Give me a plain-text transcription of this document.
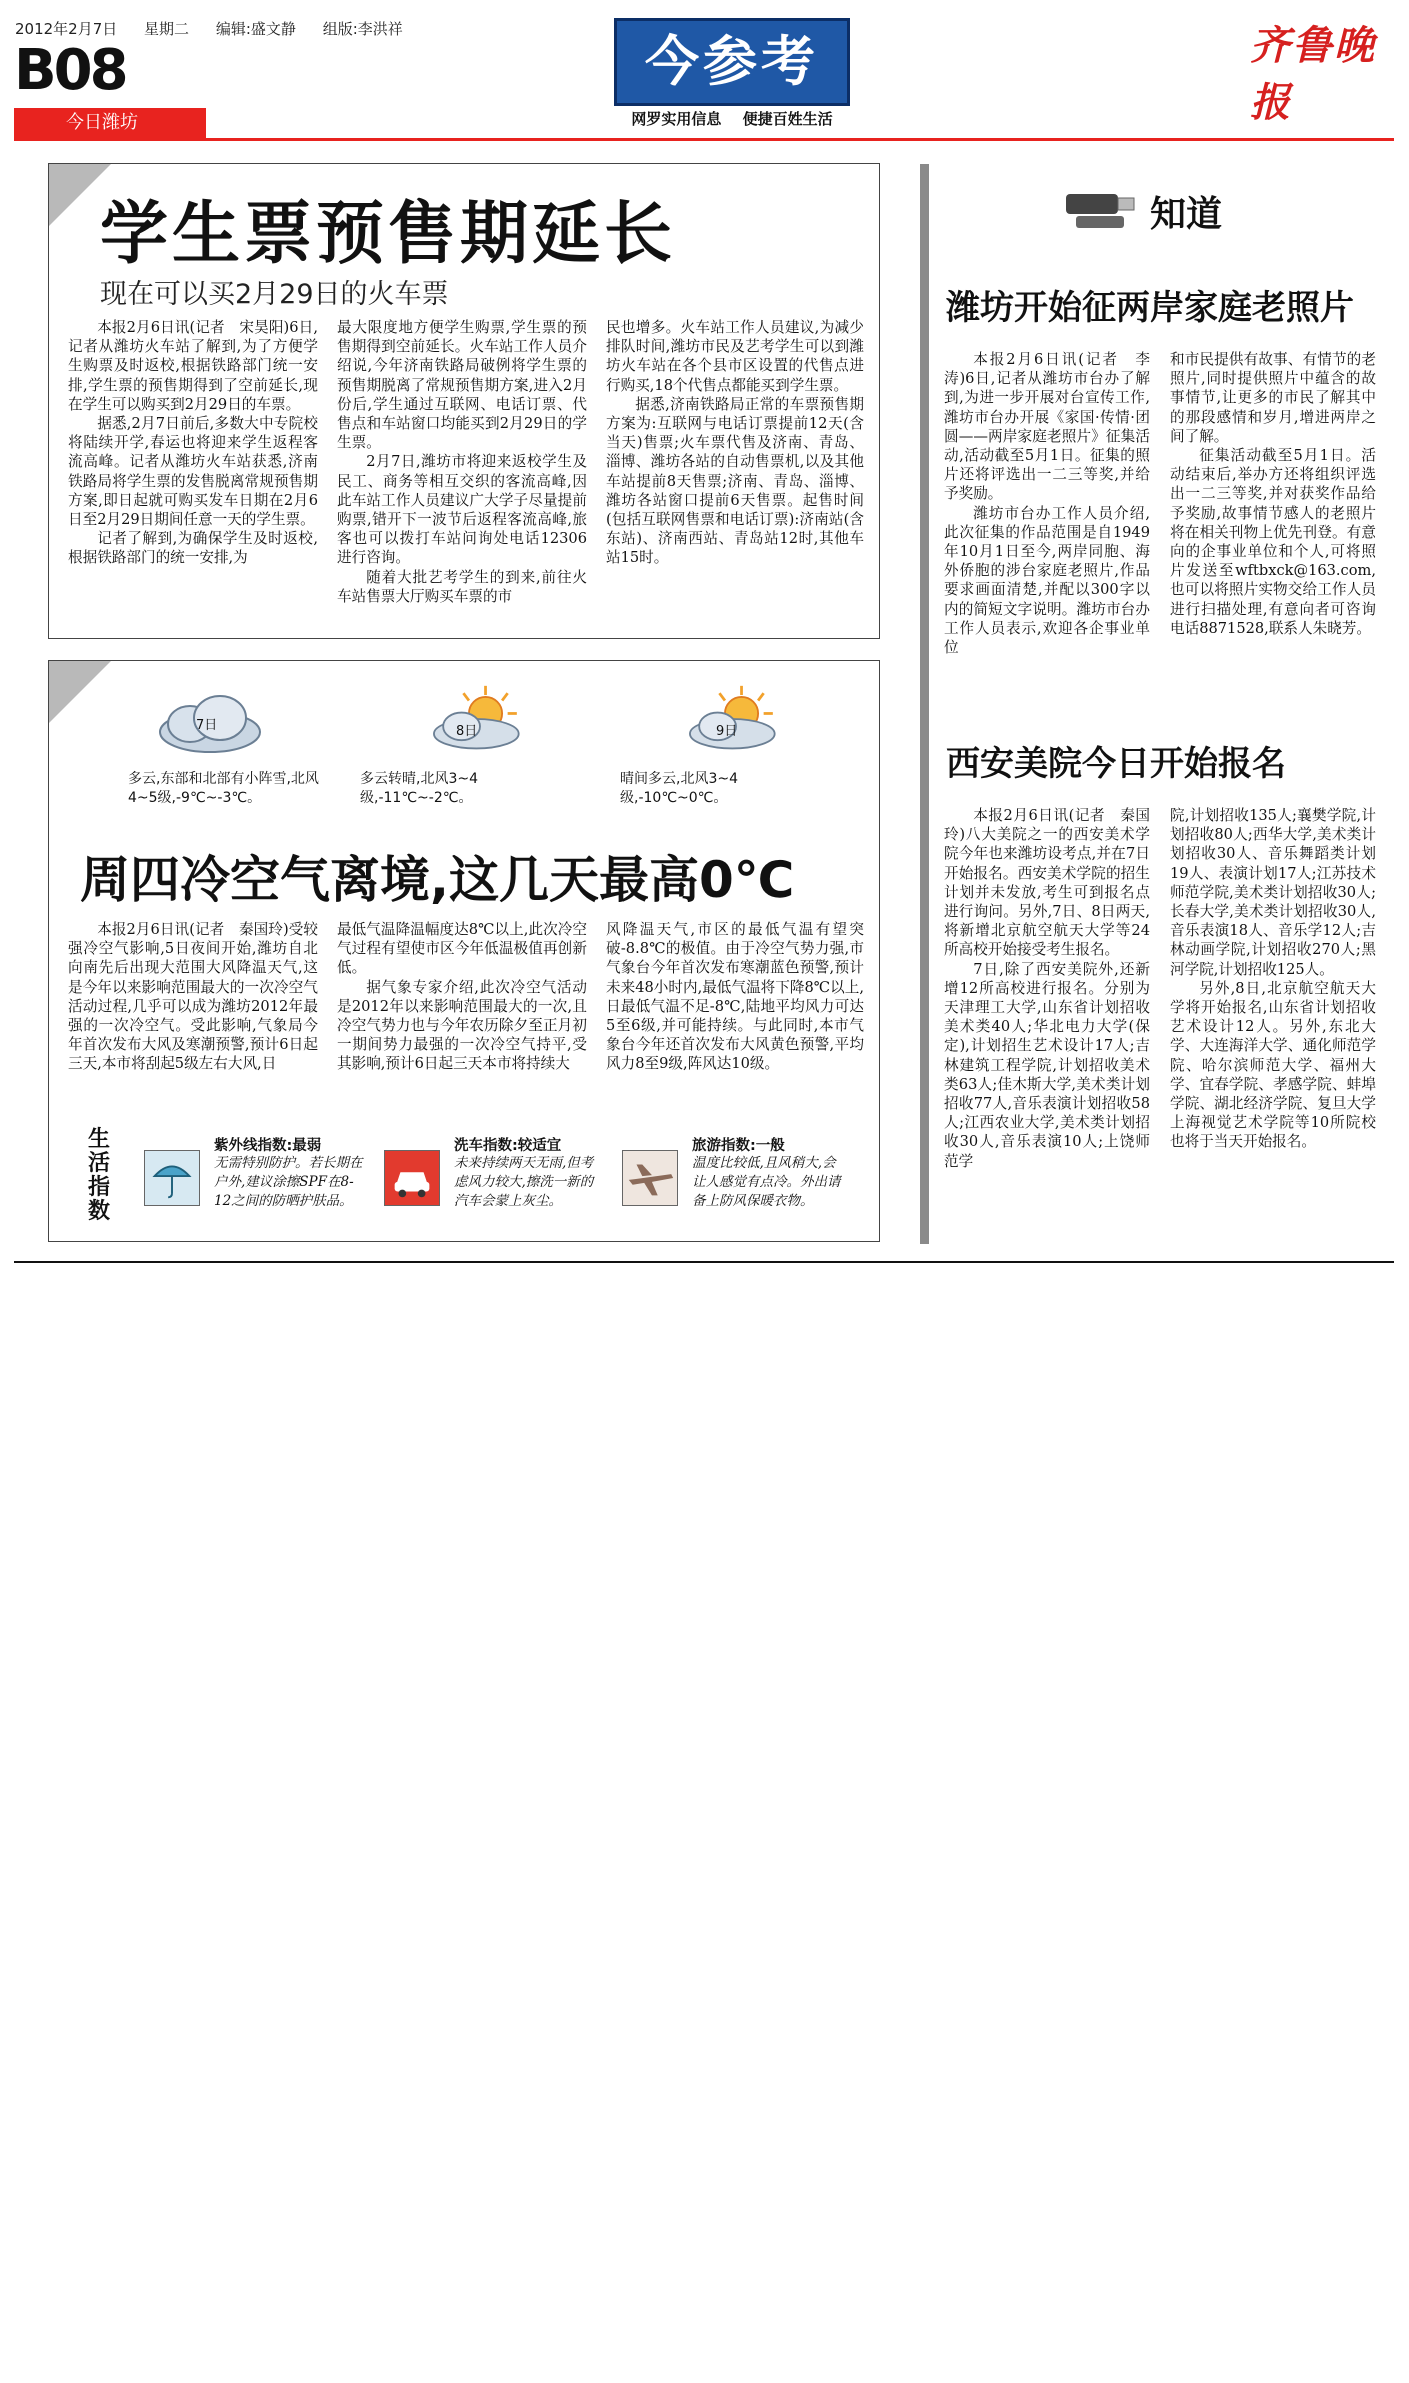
2012年2月7日 星期二 编辑:盛文静 组版:李洪祥
B08
今日潍坊
今参考
网罗实用信息 便捷百姓生活
齐鲁晚报
学生票预售期延长
现在可以买2月29日的火车票

本报2月6日讯(记者　宋昊阳)6日,记者从潍坊火车站了解到,为了方便学生购票及时返校,根据铁路部门统一安排,学生票的预售期得到了空前延长,现在学生可以购买到2月29日的车票。

据悉,2月7日前后,多数大中专院校将陆续开学,春运也将迎来学生返程客流高峰。记者从潍坊火车站获悉,济南铁路局将学生票的发售脱离常规预售期方案,即日起就可购买发车日期在2月6日至2月29日期间任意一天的学生票。

记者了解到,为确保学生及时返校,根据铁路部门的统一安排,为

最大限度地方便学生购票,学生票的预售期得到空前延长。火车站工作人员介绍说,今年济南铁路局破例将学生票的预售期脱离了常规预售期方案,进入2月份后,学生通过互联网、电话订票、代售点和车站窗口均能买到2月29日的学生票。

2月7日,潍坊市将迎来返校学生及民工、商务等相互交织的客流高峰,因此车站工作人员建议广大学子尽量提前购票,错开下一波节后返程客流高峰,旅客也可以拨打车站问询处电话12306进行咨询。

随着大批艺考学生的到来,前往火车站售票大厅购买车票的市

民也增多。火车站工作人员建议,为减少排队时间,潍坊市民及艺考学生可以到潍坊火车站在各个县市区设置的代售点进行购买,18个代售点都能买到学生票。

据悉,济南铁路局正常的车票预售期方案为:互联网与电话订票提前12天(含当天)售票;火车票代售及济南、青岛、淄博、潍坊各站的自动售票机,以及其他车站提前8天售票;济南、青岛、淄博、潍坊各站窗口提前6天售票。起售时间(包括互联网售票和电话订票):济南站(含东站)、济南西站、青岛站12时,其他车站15时。

7日
多云,东部和北部有小阵雪,北风4~5级,-9℃~-3℃。
8日
多云转晴,北风3~4级,-11℃~-2℃。
9日
晴间多云,北风3~4级,-10℃~0℃。
周四冷空气离境,这几天最高0℃

本报2月6日讯(记者　秦国玲)受较强冷空气影响,5日夜间开始,潍坊自北向南先后出现大范围大风降温天气,这是今年以来影响范围最大的一次冷空气活动过程,几乎可以成为潍坊2012年最强的一次冷空气。受此影响,气象局今年首次发布大风及寒潮预警,预计6日起三天,本市将刮起5级左右大风,日

最低气温降温幅度达8℃以上,此次冷空气过程有望使市区今年低温极值再创新低。

据气象专家介绍,此次冷空气活动是2012年以来影响范围最大的一次,且冷空气势力也与今年农历除夕至正月初一期间势力最强的一次冷空气持平,受其影响,预计6日起三天本市将持续大

风降温天气,市区的最低气温有望突破-8.8℃的极值。由于冷空气势力强,市气象台今年首次发布寒潮蓝色预警,预计未来48小时内,最低气温将下降8℃以上,日最低气温不足-8℃,陆地平均风力可达5至6级,并可能持续。与此同时,本市气象台今年还首次发布大风黄色预警,平均风力8至9级,阵风达10级。

生活指数
紫外线指数:最弱
无需特别防护。若长期在户外,建议涂擦SPF在8-12之间的防晒护肤品。
洗车指数:较适宜
未来持续两天无雨,但考虑风力较大,擦洗一新的汽车会蒙上灰尘。
旅游指数:一般
温度比较低,且风稍大,会让人感觉有点冷。外出请备上防风保暖衣物。
知道
潍坊开始征两岸家庭老照片

本报2月6日讯(记者　李涛)6日,记者从潍坊市台办了解到,为进一步开展对台宣传工作,潍坊市台办开展《家国·传情·团圆——两岸家庭老照片》征集活动,活动截至5月1日。征集的照片还将评选出一二三等奖,并给予奖励。

潍坊市台办工作人员介绍,此次征集的作品范围是自1949年10月1日至今,两岸同胞、海外侨胞的涉台家庭老照片,作品要求画面清楚,并配以300字以内的简短文字说明。潍坊市台办工作人员表示,欢迎各企事业单位

和市民提供有故事、有情节的老照片,同时提供照片中蕴含的故事情节,让更多的市民了解其中的那段感情和岁月,增进两岸之间了解。

征集活动截至5月1日。活动结束后,举办方还将组织评选出一二三等奖,并对获奖作品给予奖励,故事情节感人的老照片将在相关刊物上优先刊登。有意向的企事业单位和个人,可将照片发送至wftbxck@163.com,也可以将照片实物交给工作人员进行扫描处理,有意向者可咨询电话8871528,联系人朱晓芳。

西安美院今日开始报名

本报2月6日讯(记者　秦国玲)八大美院之一的西安美术学院今年也来潍坊设考点,并在7日开始报名。西安美术学院的招生计划并未发放,考生可到报名点进行询问。另外,7日、8日两天,将新增北京航空航天大学等24所高校开始接受考生报名。

7日,除了西安美院外,还新增12所高校进行报名。分别为天津理工大学,山东省计划招收美术类40人;华北电力大学(保定),计划招生艺术设计17人;吉林建筑工程学院,计划招收美术类63人;佳木斯大学,美术类计划招收77人,音乐表演计划招收58人;江西农业大学,美术类计划招收30人,音乐表演10人;上饶师范学

院,计划招收135人;襄樊学院,计划招收80人;西华大学,美术类计划招收30人、音乐舞蹈类计划19人、表演计划17人;江苏技术师范学院,美术类计划招收30人;长春大学,美术类计划招收30人,音乐表演18人、音乐学12人;吉林动画学院,计划招收270人;黑河学院,计划招收125人。

另外,8日,北京航空航天大学将开始报名,山东省计划招收艺术设计12人。另外,东北大学、大连海洋大学、通化师范学院、哈尔滨师范大学、福州大学、宜春学院、孝感学院、蚌埠学院、湖北经济学院、复旦大学上海视觉艺术学院等10所院校也将于当天开始报名。
